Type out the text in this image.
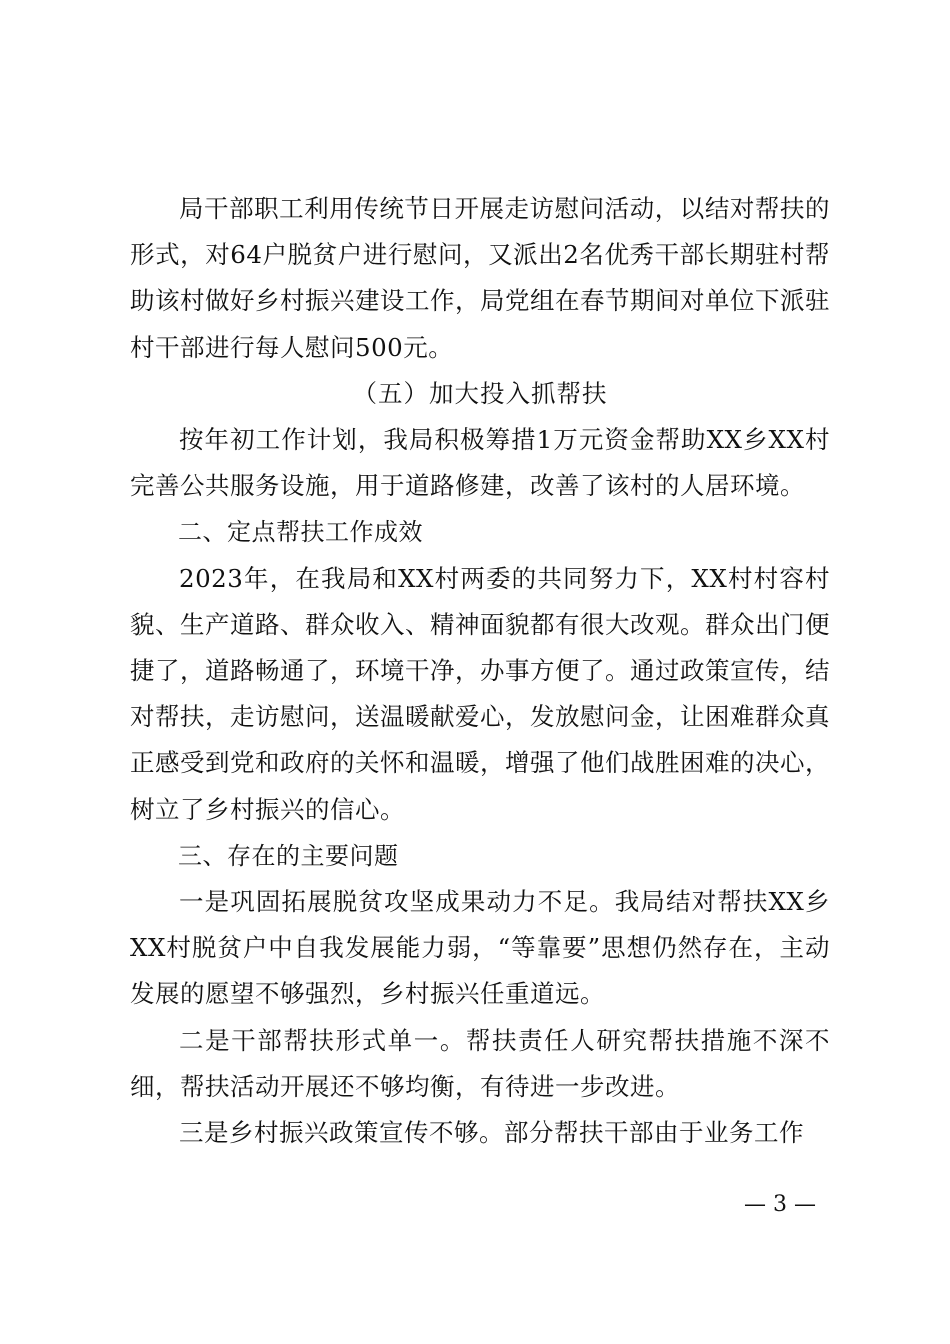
局干部职工利用传统节日开展走访慰问活动，以结对帮扶的形式，对64户脱贫户进行慰问，又派出2名优秀干部长期驻村帮助该村做好乡村振兴建设工作，局党组在春节期间对单位下派驻村干部进行每人慰问500元。

（五）加大投入抓帮扶

按年初工作计划，我局积极筹措1万元资金帮助XX乡XX村完善公共服务设施，用于道路修建，改善了该村的人居环境。

二、定点帮扶工作成效

2023年，在我局和XX村两委的共同努力下，XX村村容村貌、生产道路、群众收入、精神面貌都有很大改观。群众出门便捷了，道路畅通了，环境干净，办事方便了。通过政策宣传，结对帮扶，走访慰问，送温暖献爱心，发放慰问金，让困难群众真正感受到党和政府的关怀和温暖，增强了他们战胜困难的决心，树立了乡村振兴的信心。

三、存在的主要问题

一是巩固拓展脱贫攻坚成果动力不足。我局结对帮扶XX乡XX村脱贫户中自我发展能力弱，“等靠要”思想仍然存在，主动发展的愿望不够强烈，乡村振兴任重道远。

二是干部帮扶形式单一。帮扶责任人研究帮扶措施不深不细，帮扶活动开展还不够均衡，有待进一步改进。

三是乡村振兴政策宣传不够。部分帮扶干部由于业务工作

— 3 —
